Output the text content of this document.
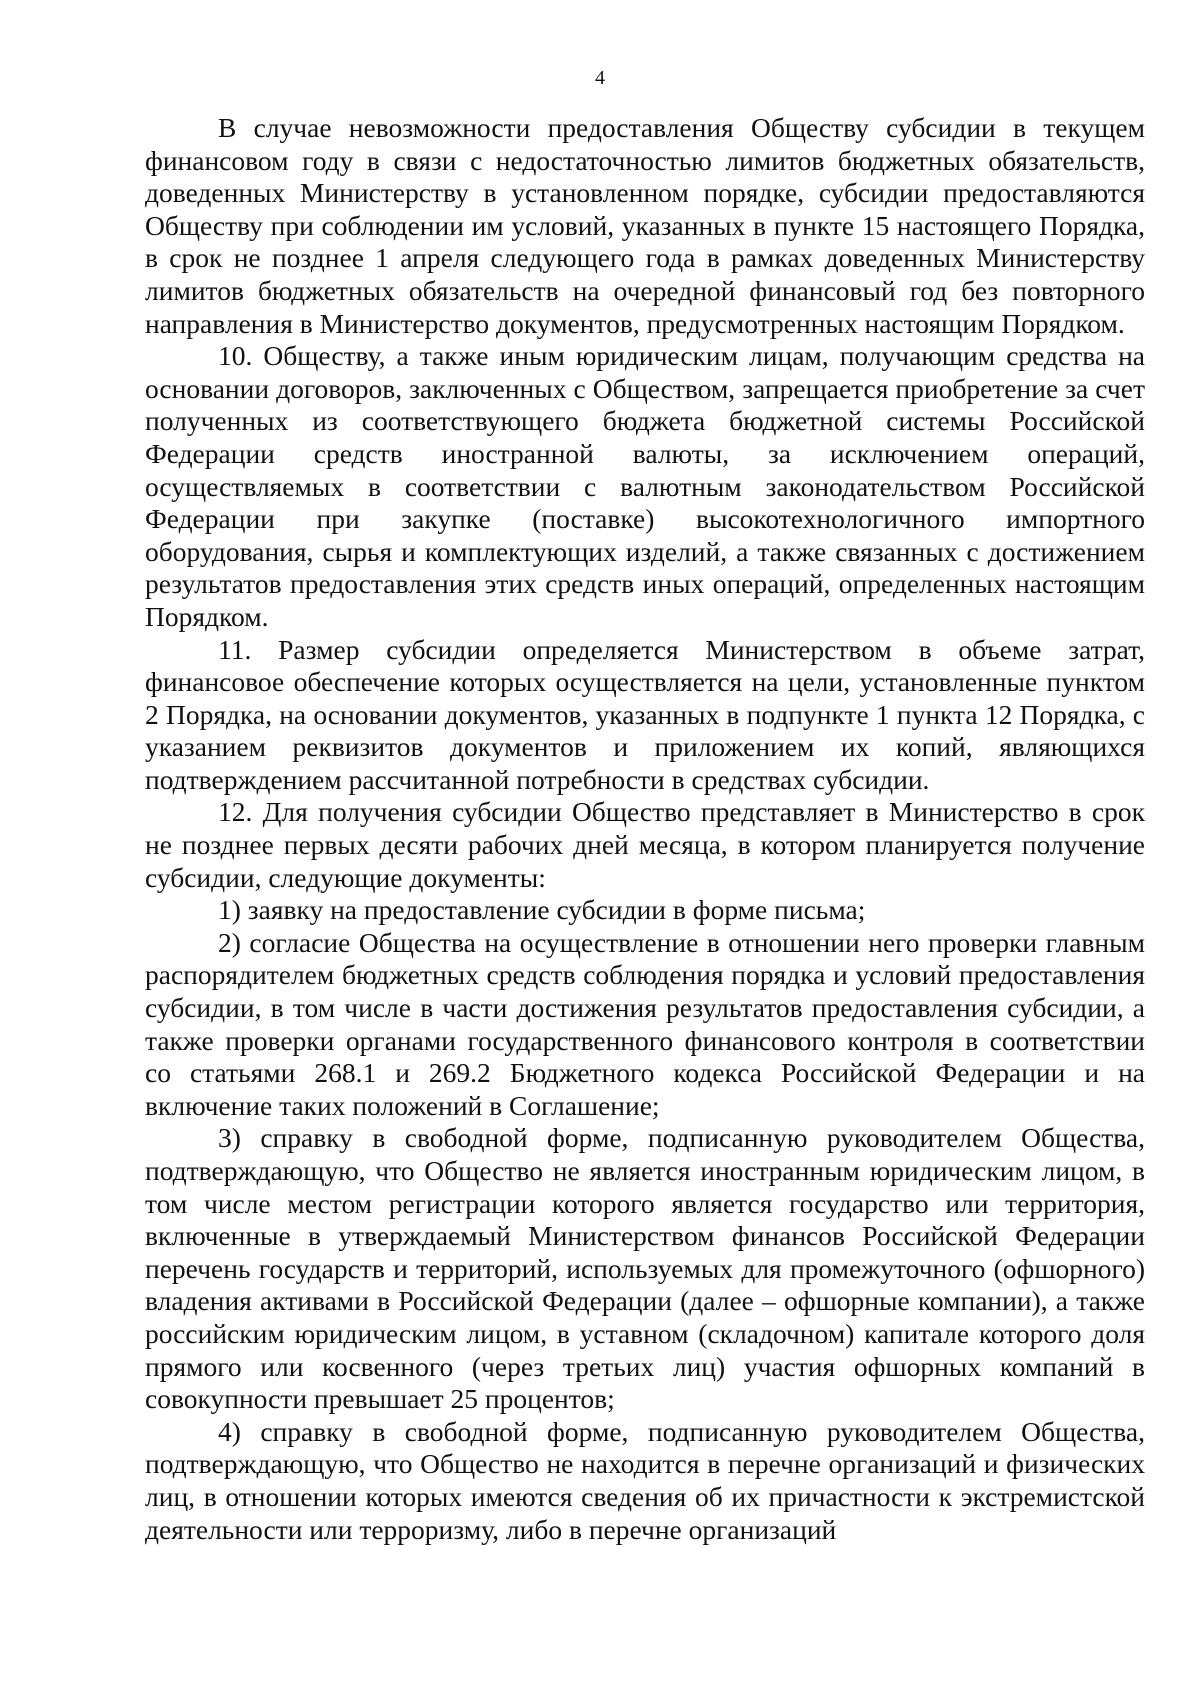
4

В случае невозможности предоставления Обществу субсидии в текущем финансовом году в связи с недостаточностью лимитов бюджетных обязательств, доведенных Министерству в установленном порядке, субсидии предоставляются Обществу при соблюдении им условий, указанных в пункте 15 настоящего Порядка, в срок не позднее 1 апреля следующего года в рамках доведенных Министерству лимитов бюджетных обязательств на очередной финансовый год без повторного направления в Министерство документов, предусмотренных настоящим Порядком.

10. Обществу, а также иным юридическим лицам, получающим средства на основании договоров, заключенных с Обществом, запрещается приобретение за счет полученных из соответствующего бюджета бюджетной системы Российской Федерации средств иностранной валюты, за исключением операций, осуществляемых в соответствии с валютным законодательством Российской Федерации при закупке (поставке) высокотехнологичного импортного оборудования, сырья и комплектующих изделий, а также связанных с достижением результатов предоставления этих средств иных операций, определенных настоящим Порядком.

11. Размер субсидии определяется Министерством в объеме затрат, финансовое обеспечение которых осуществляется на цели, установленные пунктом 2 Порядка, на основании документов, указанных в подпункте 1 пункта 12 Порядка, с указанием реквизитов документов и приложением их копий, являющихся подтверждением рассчитанной потребности в средствах субсидии.

12. Для получения субсидии Общество представляет в Министерство в срок не позднее первых десяти рабочих дней месяца, в котором планируется получение субсидии, следующие документы:

1) заявку на предоставление субсидии в форме письма;

2) согласие Общества на осуществление в отношении него проверки главным распорядителем бюджетных средств соблюдения порядка и условий предоставления субсидии, в том числе в части достижения результатов предоставления субсидии, а также проверки органами государственного финансового контроля в соответствии со статьями 268.1 и 269.2 Бюджетного кодекса Российской Федерации и на включение таких положений в Соглашение;

3) справку в свободной форме, подписанную руководителем Общества, подтверждающую, что Общество не является иностранным юридическим лицом, в том числе местом регистрации которого является государство или территория, включенные в утверждаемый Министерством финансов Российской Федерации перечень государств и территорий, используемых для промежуточного (офшорного) владения активами в Российской Федерации (далее – офшорные компании), а также российским юридическим лицом, в уставном (складочном) капитале которого доля прямого или косвенного (через третьих лиц) участия офшорных компаний в совокупности превышает 25 процентов;

4) справку в свободной форме, подписанную руководителем Общества, подтверждающую, что Общество не находится в перечне организаций и физических лиц, в отношении которых имеются сведения об их причастности к экстремистской деятельности или терроризму, либо в перечне организаций
